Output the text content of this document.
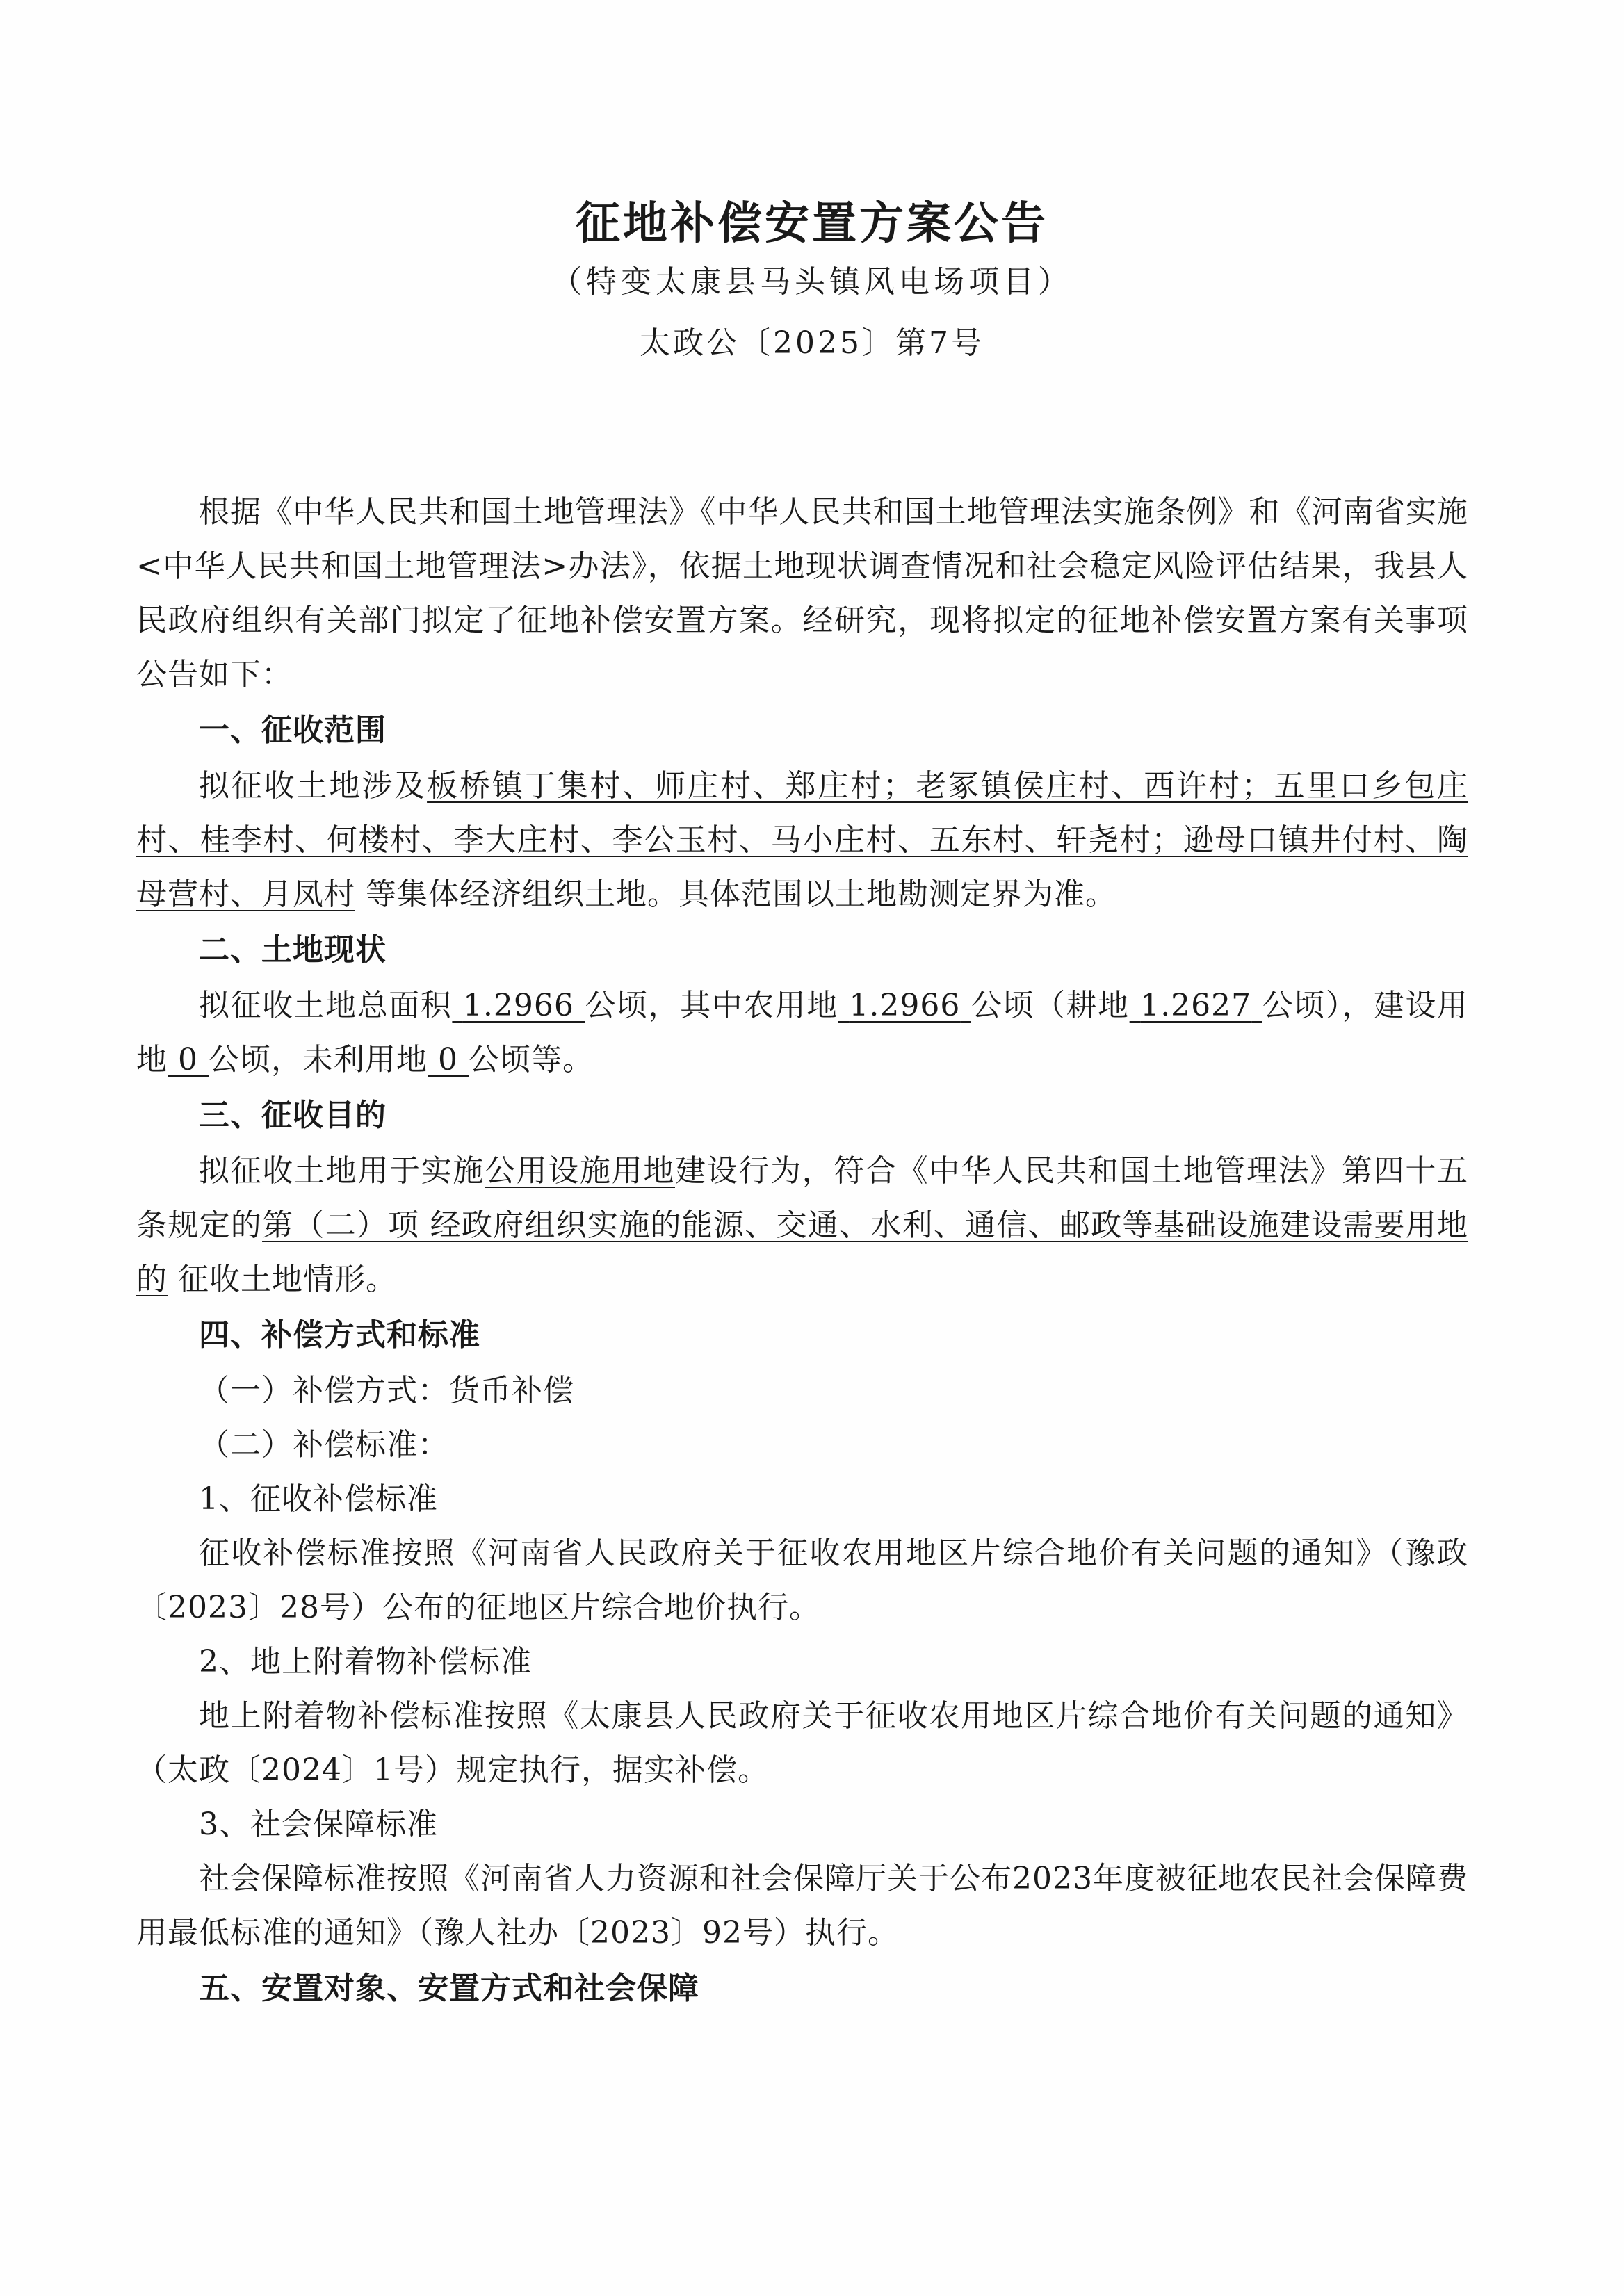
征地补偿安置方案公告
（特变太康县马头镇风电场项目）
太政公〔2025〕第7号

根据《中华人民共和国土地管理法》《中华人民共和国土地管理法实施条例》和《河南省实施<中华人民共和国土地管理法>办法》，依据土地现状调查情况和社会稳定风险评估结果，我县人民政府组织有关部门拟定了征地补偿安置方案。经研究，现将拟定的征地补偿安置方案有关事项公告如下：

一、征收范围

拟征收土地涉及板桥镇丁集村、师庄村、郑庄村；老冢镇侯庄村、西许村；五里口乡包庄村、桂李村、何楼村、李大庄村、李公玉村、马小庄村、五东村、轩尧村；逊母口镇井付村、陶母营村、月凤村 等集体经济组织土地。具体范围以土地勘测定界为准。

二、土地现状

拟征收土地总面积 1.2966 公顷，其中农用地 1.2966 公顷（耕地 1.2627 公顷），建设用地 0 公顷，未利用地 0 公顷等。

三、征收目的

拟征收土地用于实施公用设施用地建设行为，符合《中华人民共和国土地管理法》第四十五条规定的第（二）项 经政府组织实施的能源、交通、水利、通信、邮政等基础设施建设需要用地的 征收土地情形。

四、补偿方式和标准

（一）补偿方式：货币补偿

（二）补偿标准：

1、征收补偿标准

征收补偿标准按照《河南省人民政府关于征收农用地区片综合地价有关问题的通知》（豫政〔2023〕28号）公布的征地区片综合地价执行。

2、地上附着物补偿标准

地上附着物补偿标准按照《太康县人民政府关于征收农用地区片综合地价有关问题的通知》（太政〔2024〕1号）规定执行，据实补偿。

3、社会保障标准

社会保障标准按照《河南省人力资源和社会保障厅关于公布2023年度被征地农民社会保障费用最低标准的通知》（豫人社办〔2023〕92号）执行。

五、安置对象、安置方式和社会保障
